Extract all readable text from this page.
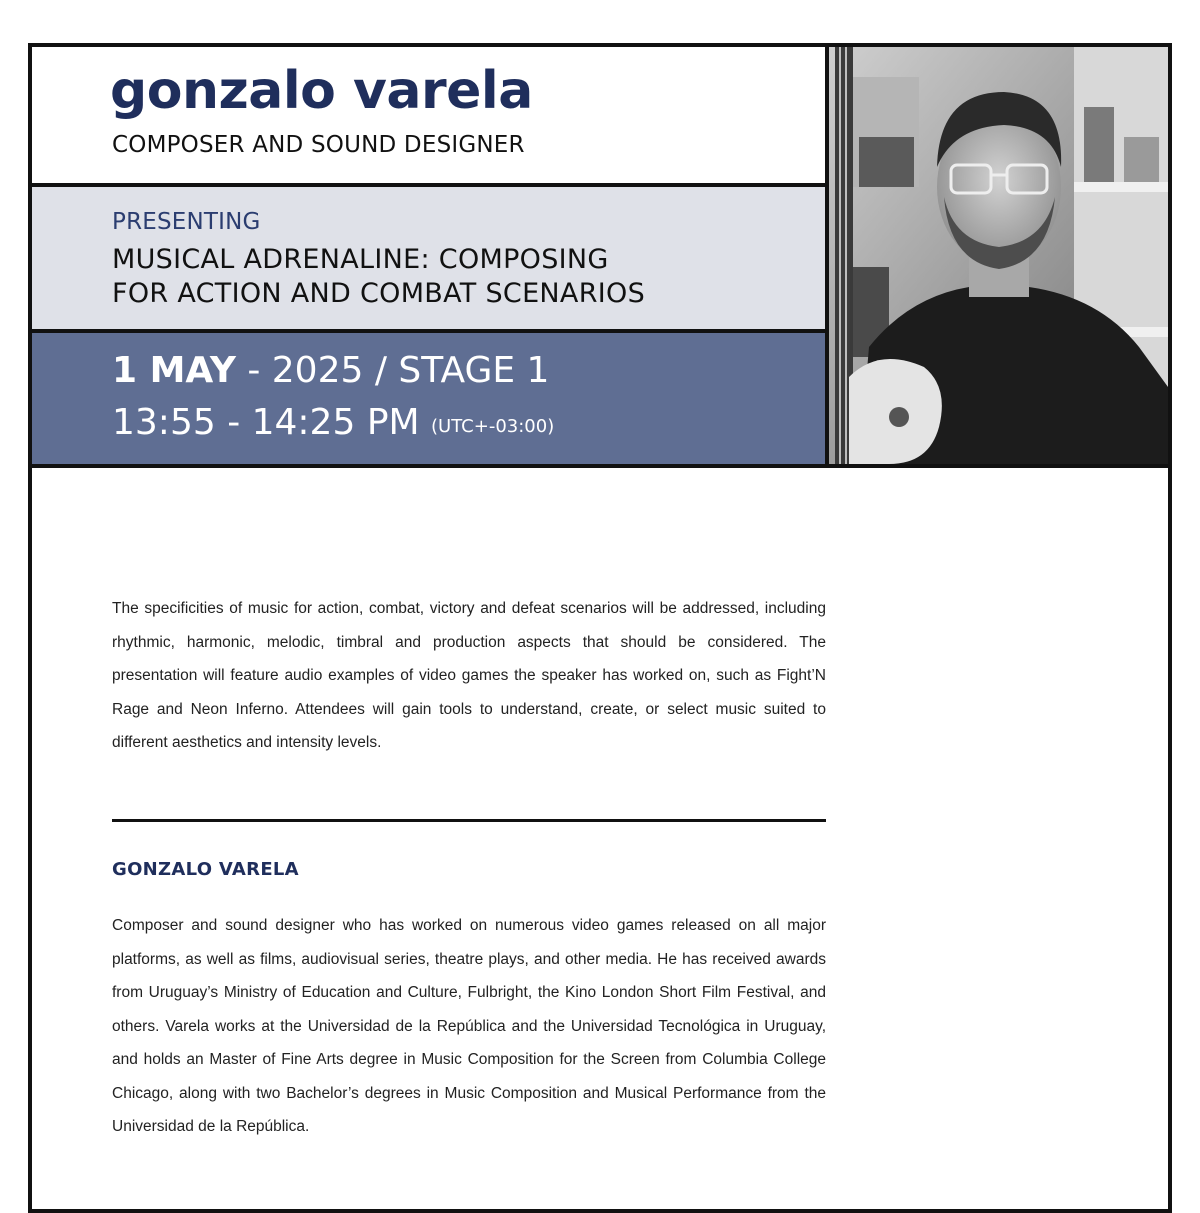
gonzalo varela
COMPOSER AND SOUND DESIGNER
PRESENTING
MUSICAL ADRENALINE: COMPOSING
FOR ACTION AND COMBAT SCENARIOS
1 MAY - 2025 / STAGE 1
13:55 - 14:25 PM (UTC+-03:00)
The specificities of music for action, combat, victory and defeat scenarios will be addressed, including rhythmic, harmonic, melodic, timbral and production aspects that should be considered. The presentation will feature audio examples of video games the speaker has worked on, such as Fight’N Rage and Neon Inferno. Attendees will gain tools to understand, create, or select music suited to different aesthetics and intensity levels.
GONZALO VARELA
Composer and sound designer who has worked on numerous video games released on all major platforms, as well as films, audiovisual series, theatre plays, and other media. He has received awards from Uruguay’s Ministry of Education and Culture, Fulbright, the Kino London Short Film Festival, and others. Varela works at the Universidad de la República and the Universidad Tecnológica in Uruguay, and holds an Master of Fine Arts degree in Music Composition for the Screen from Columbia College Chicago, along with two Bachelor’s degrees in Music Composition and Musical Performance from the Universidad de la República.
